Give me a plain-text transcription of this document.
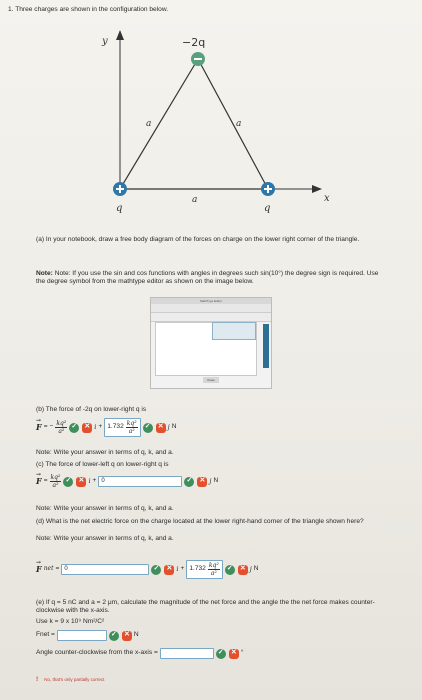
1. Three charges are shown in the configuration below.
y
x
−2q
q	q
a	a
a
(a) In your notebook, draw a free body diagram of the forces on charge on the lower right corner of the triangle.
Note: Note: If you use the sin and cos functions with angles in degrees such sin(10°) the degree sign is required. Use the degree symbol from the mathtype editor as shown on the image below.
MathType Editor
Close
(b) The force of -2q on lower-right q is
→ F = − $\frac{\text{kq²}}{\text{a²}}$ ✓ ✕ $i + 1.732 \frac{\text{kq²}}{\text{a²}}$ ✓ ✕ j N
Note: Write your answer in terms of q, k, and a.
(c) The force of lower-left q on lower-right q is
→ $F = \frac{\text{kq²}}{\text{a²}}$ ✓ ✕ i + 0	✓ ✕ j N
Note: Write your answer in terms of q, k, and a.
(d) What is the net electric force on the charge located at the lower right-hand corner of the triangle shown here?
Note: Write your answer in terms of q, k, and a.
→ F net = 0	✓ ✕ $i + 1.732 \frac{\text{kq²}}{\text{a²}}$ ✓ ✕ j N
(e) If q = 5 nC and a = 2 μm, calculate the magnitude of the net force and the angle the the net force makes counter-clockwise with the x-axis.
Use k = 9 x 10⁹ Nm²/C²
Fnet =	✓ ✕ N
Angle counter-clockwise from the x-axis =	✓ ✕ °
! No, that's only partially correct
